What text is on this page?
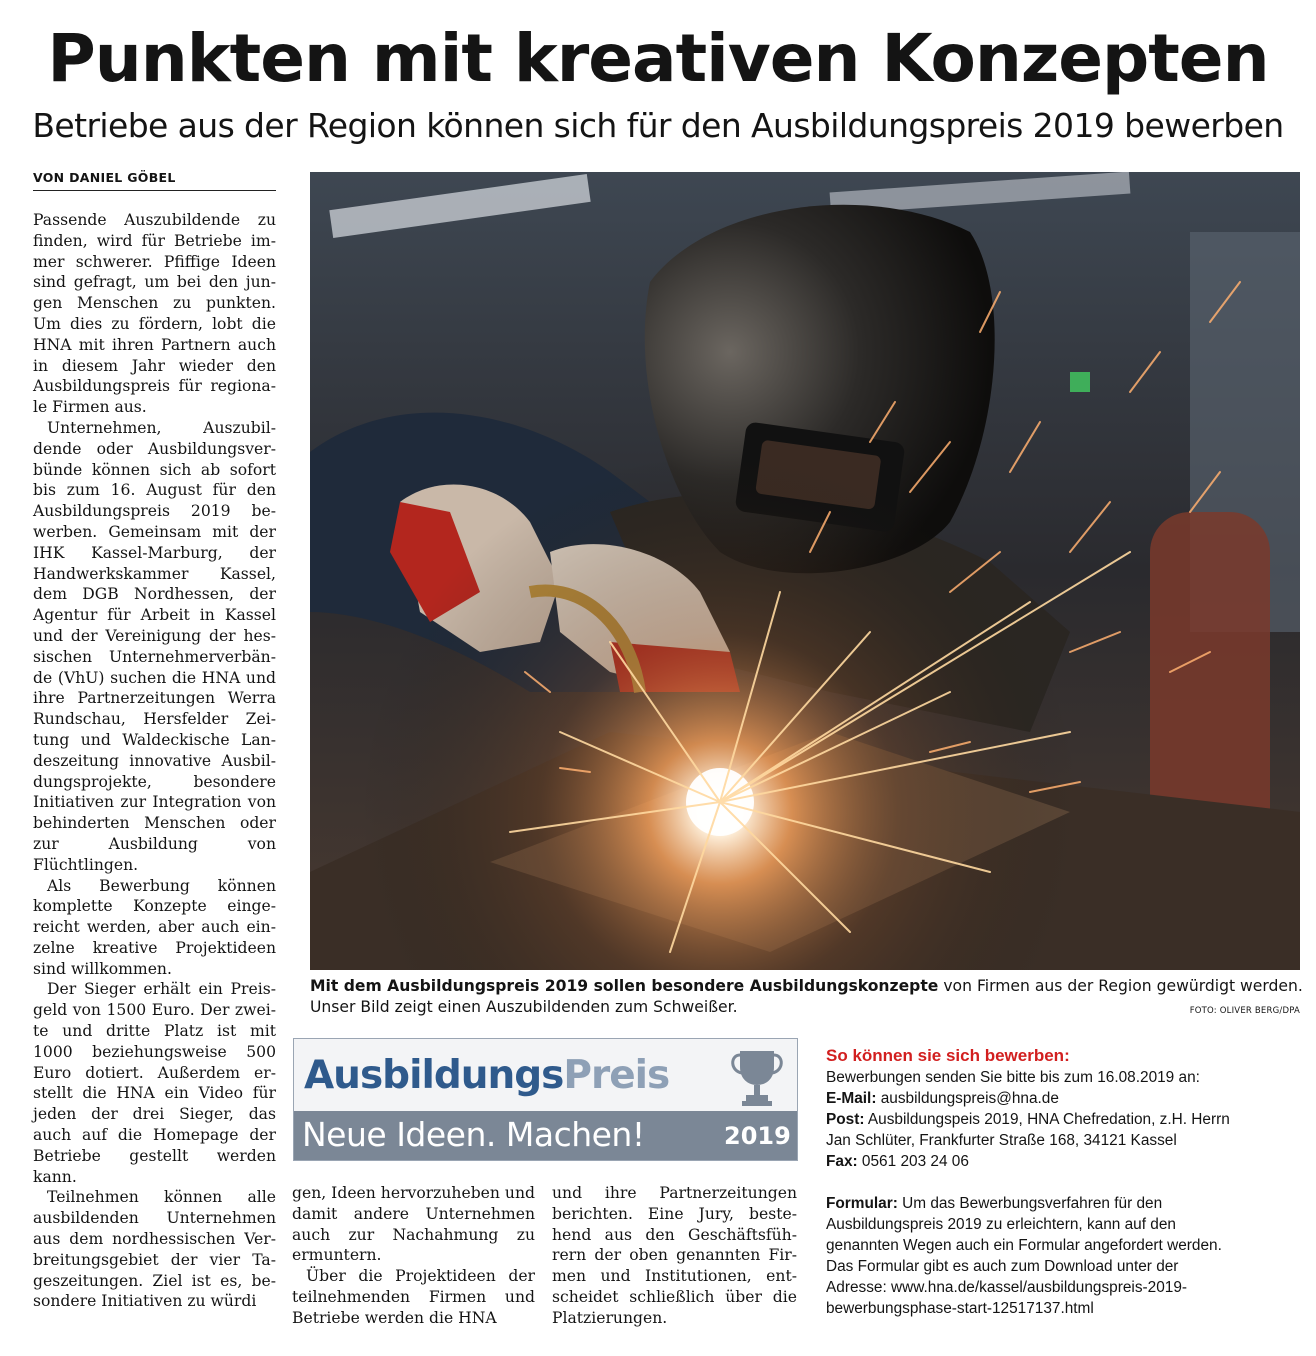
Punkten mit kreativen Konzepten
Betriebe aus der Region können sich für den Ausbildungspreis 2019 bewerben
VON DANIEL GÖBEL

Passende Auszubildende zu finden, wird für Betriebe immer schwerer. Pfiffige Ideen sind gefragt, um bei den jungen Menschen zu punkten. Um dies zu fördern, lobt die HNA mit ihren Partnern auch in diesem Jahr wieder den Ausbildungspreis für regionale Firmen aus.

Unternehmen, Auszubildende oder Ausbildungsverbünde können sich ab sofort bis zum 16. August für den Ausbildungspreis 2019 bewerben. Gemeinsam mit der IHK Kassel-Marburg, der Handwerkskammer Kassel, dem DGB Nordhessen, der Agentur für Arbeit in Kassel und der Vereinigung der hessischen Unternehmerverbände (VhU) suchen die HNA und ihre Partnerzeitungen Werra Rundschau, Hersfelder Zeitung und Waldeckische Landeszeitung innovative Ausbildungsprojekte, besondere Initiativen zur Integration von behinderten Menschen oder zur Ausbildung von Flüchtlingen.

Als Bewerbung können komplette Konzepte eingereicht werden, aber auch einzelne kreative Projektideen sind willkommen.

Der Sieger erhält ein Preisgeld von 1500 Euro. Der zweite und dritte Platz ist mit 1000 beziehungsweise 500 Euro dotiert. Außerdem erstellt die HNA ein Video für jeden der drei Sieger, das auch auf die Homepage der Betriebe gestellt werden kann.

Teilnehmen können alle ausbildenden Unternehmen aus dem nordhessischen Verbreitungsgebiet der vier Tageszeitungen. Ziel ist es, besondere Initiativen zu würdi

Mit dem Ausbildungspreis 2019 sollen besondere Ausbildungskonzepte von Firmen aus der Region gewürdigt werden.
Unser Bild zeigt einen Auszubildenden zum Schweißer.	FOTO: OLIVER BERG/DPA
AusbildungsPreis
Neue Ideen. Machen!	2019
So können sie sich bewerben:
Bewerbungen senden Sie bitte bis zum 16.08.2019 an:
E-Mail: ausbildungspreis@hna.de
Post: Ausbildungspeis 2019, HNA Chefredation, z.H. Herrn
Jan Schlüter, Frankfurter Straße 168, 34121 Kassel
Fax: 0561 203 24 06
Formular: Um das Bewerbungsverfahren für den
Ausbildungspreis 2019 zu erleichtern, kann auf den
genannten Wegen auch ein Formular angefordert werden.
Das Formular gibt es auch zum Download unter der
Adresse: www.hna.de/kassel/ausbildungspreis-2019-
bewerbungsphase-start-12517137.html

gen, Ideen hervorzuheben und damit andere Unternehmen auch zur Nachahmung zu ermuntern.

Über die Projektideen der teilnehmenden Firmen und Betriebe werden die HNA

und ihre Partnerzeitungen berichten. Eine Jury, bestehend aus den Geschäftsführern der oben genannten Firmen und Institutionen, entscheidet schließlich über die Platzierungen.
